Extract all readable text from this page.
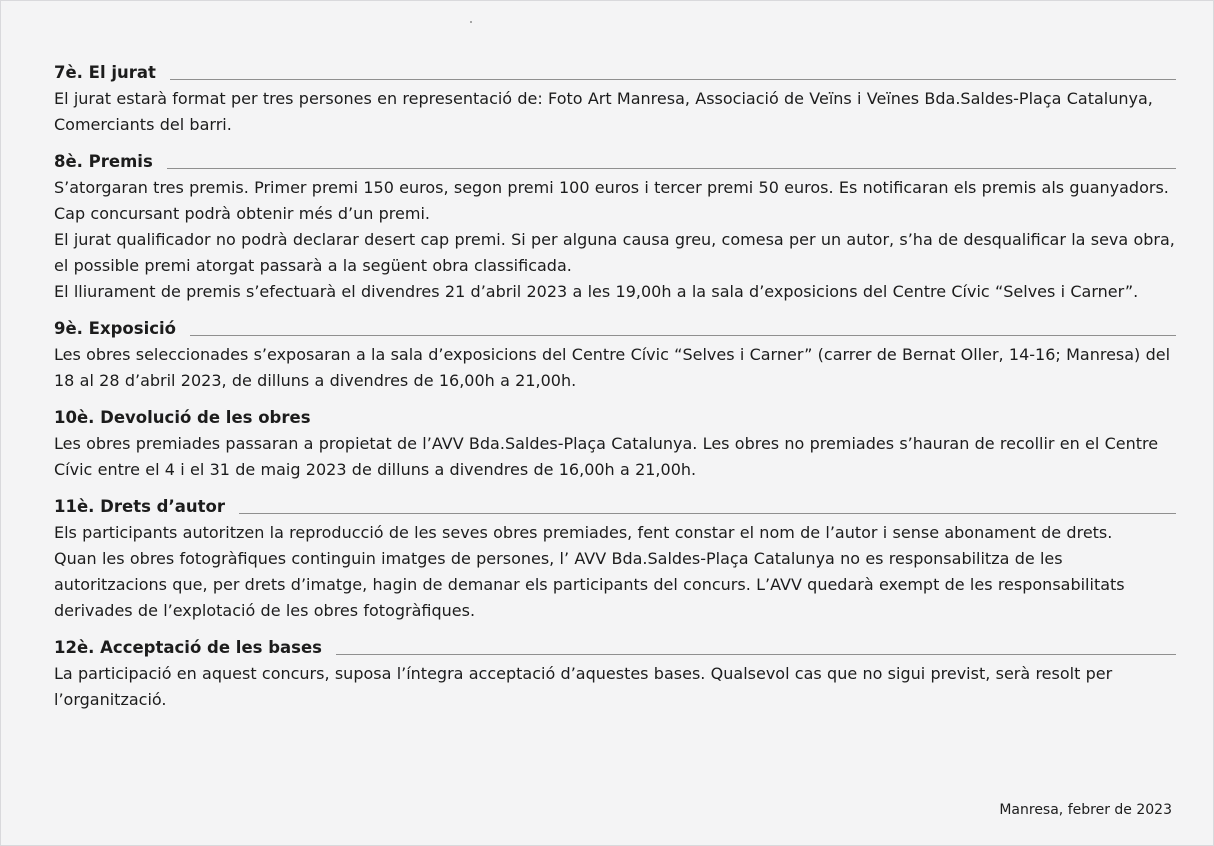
7è. El jurat

El jurat estarà format per tres persones en representació de: Foto Art Manresa, Associació de Veïns i Veïnes Bda.Saldes-Plaça Catalunya, Comerciants del barri.

8è. Premis

S’atorgaran tres premis. Primer premi 150 euros, segon premi 100 euros i tercer premi 50 euros. Es notificaran els premis als guanyadors.

Cap concursant podrà obtenir més d’un premi.

El jurat qualificador no podrà declarar desert cap premi. Si per alguna causa greu, comesa per un autor, s’ha de desqualificar la seva obra, el possible premi atorgat passarà a la següent obra classificada.

El lliurament de premis s’efectuarà el divendres 21 d’abril 2023 a les 19,00h a la sala d’exposicions del Centre Cívic “Selves i Carner”.

9è. Exposició

Les obres seleccionades s’exposaran a la sala d’exposicions del Centre Cívic “Selves i Carner” (carrer de Bernat Oller, 14-16; Manresa) del 18 al 28 d’abril 2023, de dilluns a divendres de 16,00h a 21,00h.

10è. Devolució de les obres

Les obres premiades passaran a propietat de l’AVV Bda.Saldes-Plaça Catalunya. Les obres no premiades s’hauran de recollir en el Centre Cívic entre el 4 i el 31 de maig 2023 de dilluns a divendres de 16,00h a 21,00h.

11è. Drets d’autor

Els participants autoritzen la reproducció de les seves obres premiades, fent constar el nom de l’autor i sense abonament de drets.

Quan les obres fotogràfiques continguin imatges de persones, l’ AVV Bda.Saldes-Plaça Catalunya no es responsabilitza de les autoritzacions que, per drets d’imatge, hagin de demanar els participants del concurs. L’AVV quedarà exempt de les responsabilitats derivades de l’explotació de les obres fotogràfiques.

12è. Acceptació de les bases

La participació en aquest concurs, suposa l’íntegra acceptació d’aquestes bases. Qualsevol cas que no sigui previst, serà resolt per l’organització.

Manresa, febrer de 2023
